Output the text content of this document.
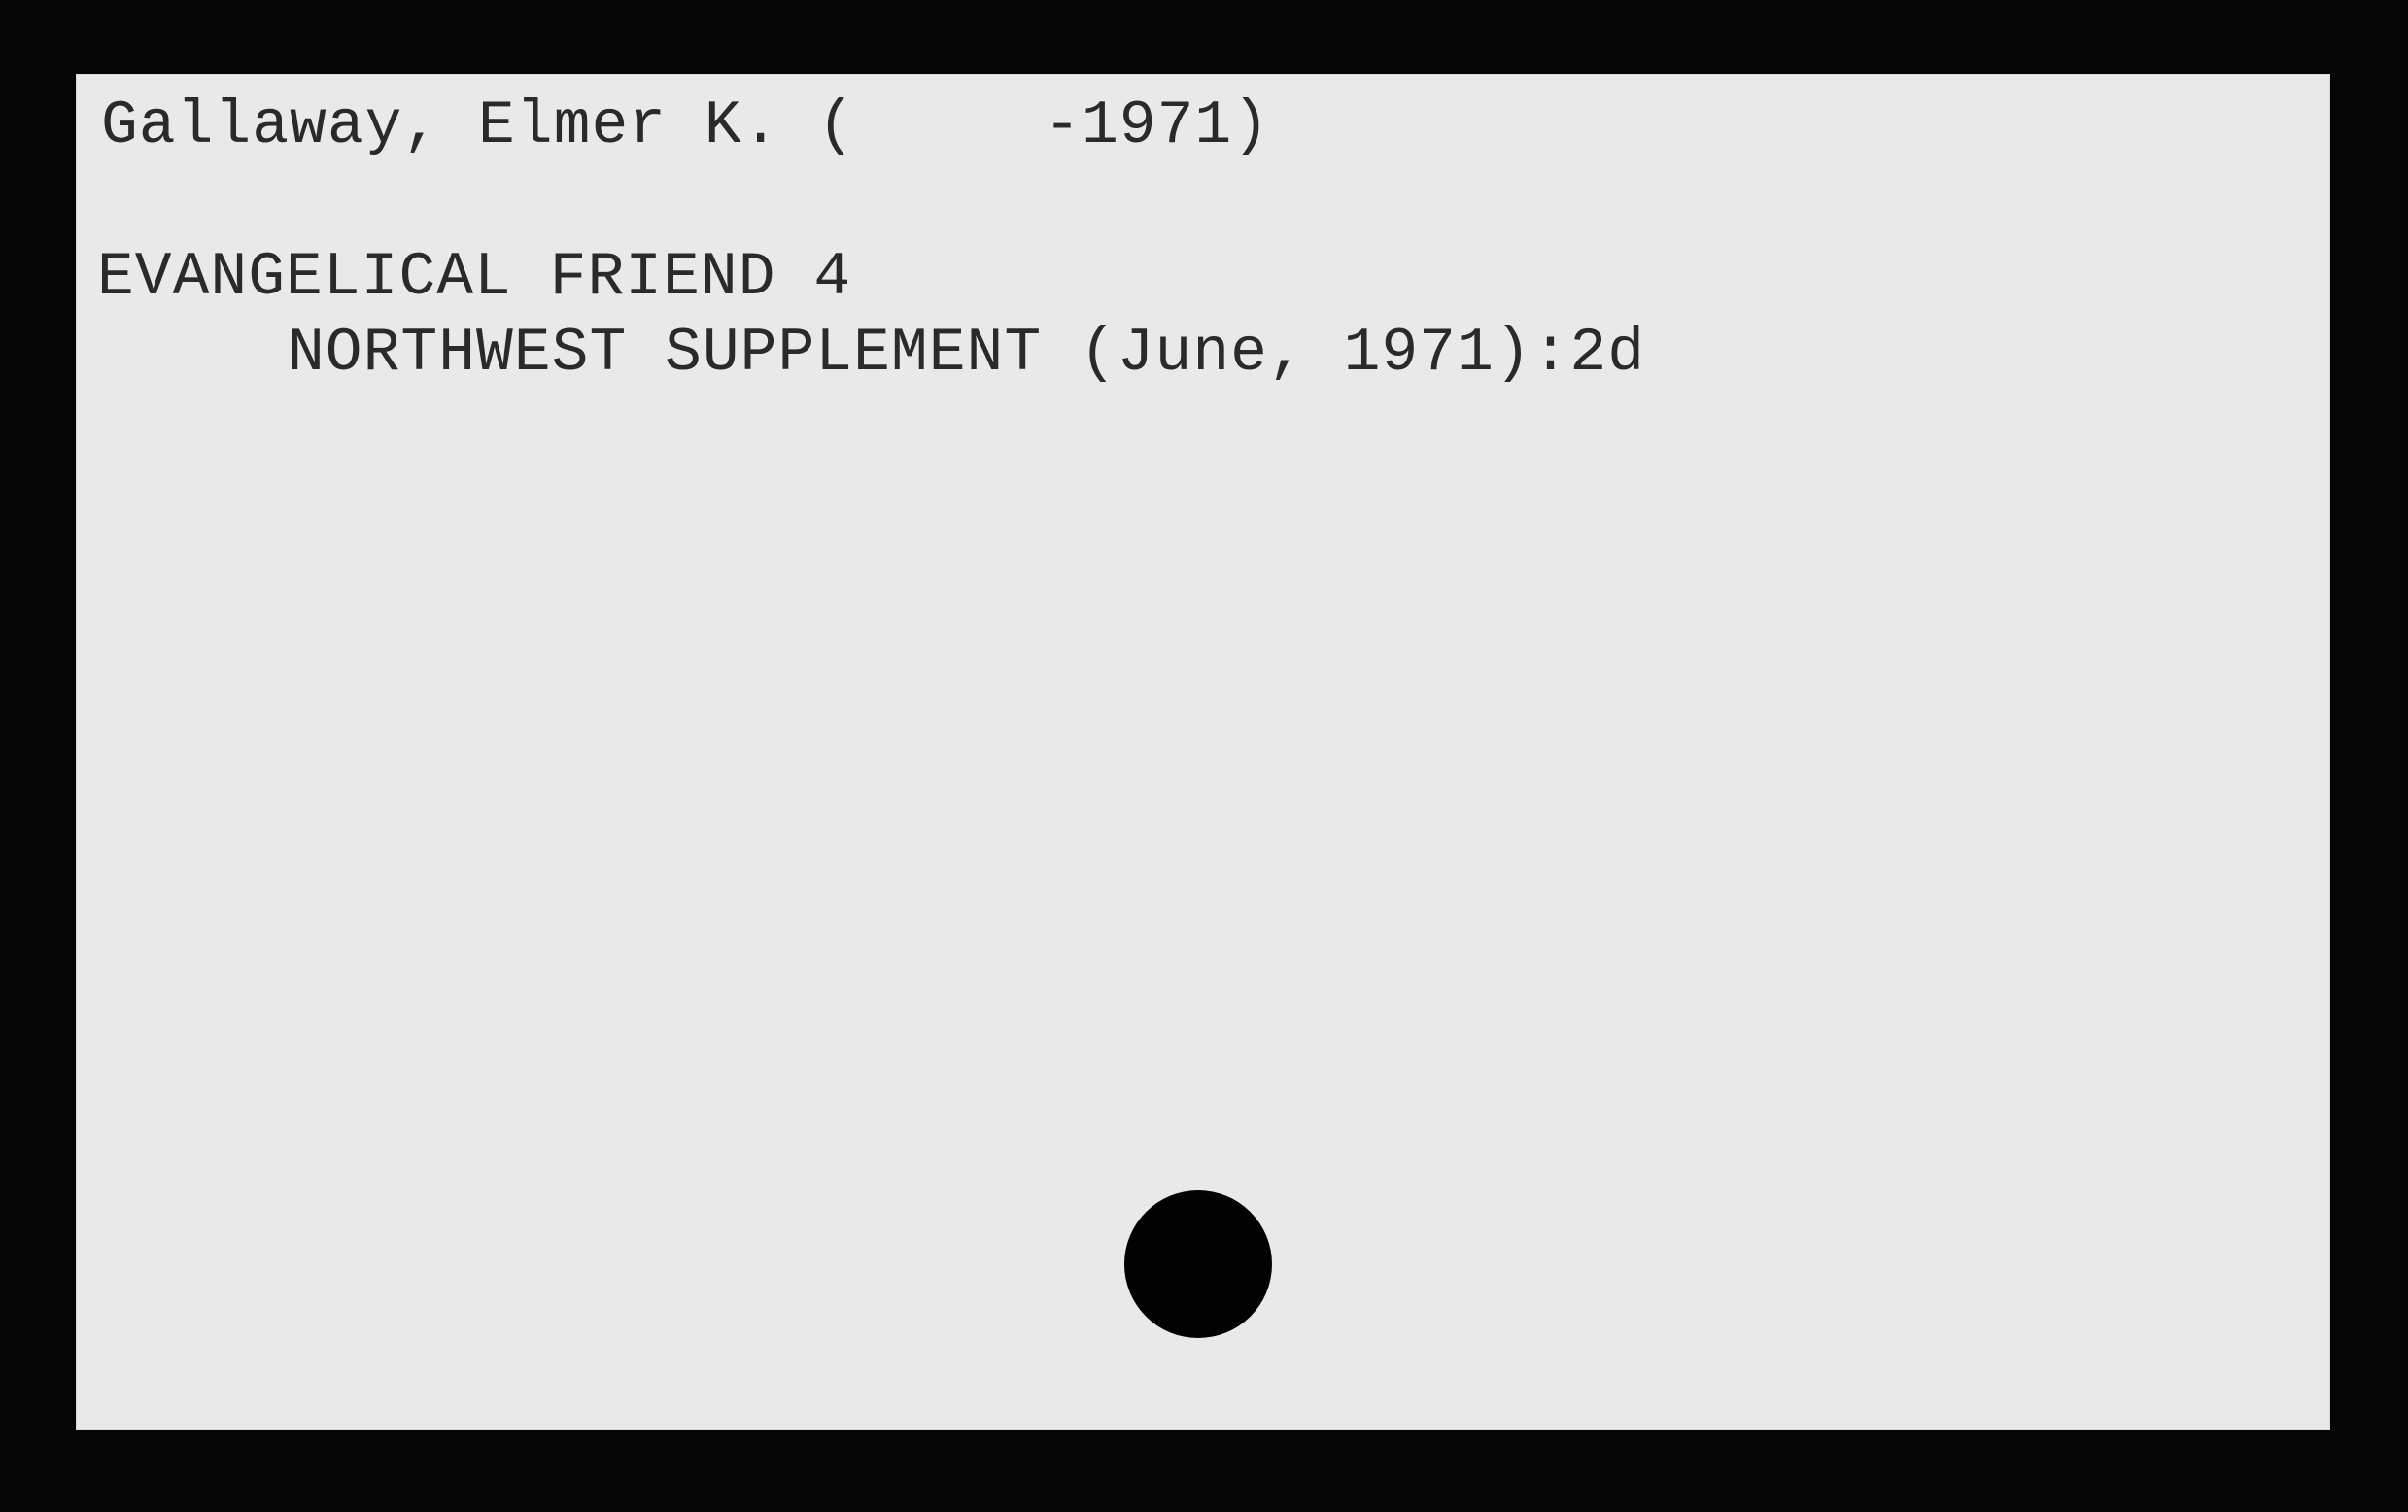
Gallaway, Elmer K. (     -1971)
EVANGELICAL FRIEND 4
NORTHWEST SUPPLEMENT (June, 1971):2d
